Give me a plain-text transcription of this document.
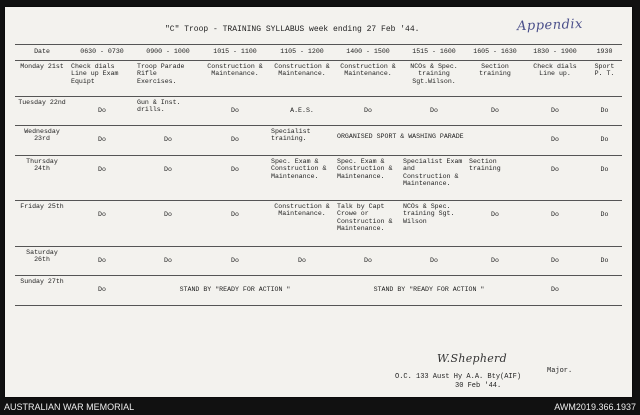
"C" Troop - TRAINING SYLLABUS week ending 27 Feb '44.	Appendix
Date	0630 - 0730	0900 - 1000	1015 - 1100	1105 - 1200	1400 - 1500	1515 - 1600	1605 - 1630	1830 - 1900	1930
Monday 21st	Check dials Line up Exam Equipt	Troop Parade Rifle Exercises.	Construction & Maintenance.	Construction & Maintenance.	Construction & Maintenance.	NCOs & Spec. training Sgt.Wilson.	Section training	Check dials Line up.	Sport P. T.
Tuesday 22nd	Do	Gun & Inst. drills.	Do	A.E.S.	Do	Do	Do	Do	Do
Wednesday 23rd	Do	Do	Do	Specialist training.	ORGANISED SPORT & WASHING PARADE			Do	Do
Thursday 24th	Do	Do	Do	Spec. Exam & Construction & Maintenance.	Spec. Exam & Construction & Maintenance.	Specialist Exam and Construction & Maintenance.	Section training	Do	Do
Friday 25th	Do	Do	Do	Construction & Maintenance.	Talk by Capt Crowe or Construction & Maintenance.	NCOs & Spec. training Sgt. Wilson	Do	Do	Do
Saturday 26th	Do	Do	Do	Do	Do	Do	Do	Do	Do
Sunday 27th	Do	STAND BY "READY FOR ACTION "			STAND BY "READY FOR ACTION "			Do	
W.Shepherd
Major.
O.C. 133 Aust Hy A.A. Bty(AIF)
30 Feb '44.
AUSTRALIAN WAR MEMORIAL	AWM2019.366.1937
